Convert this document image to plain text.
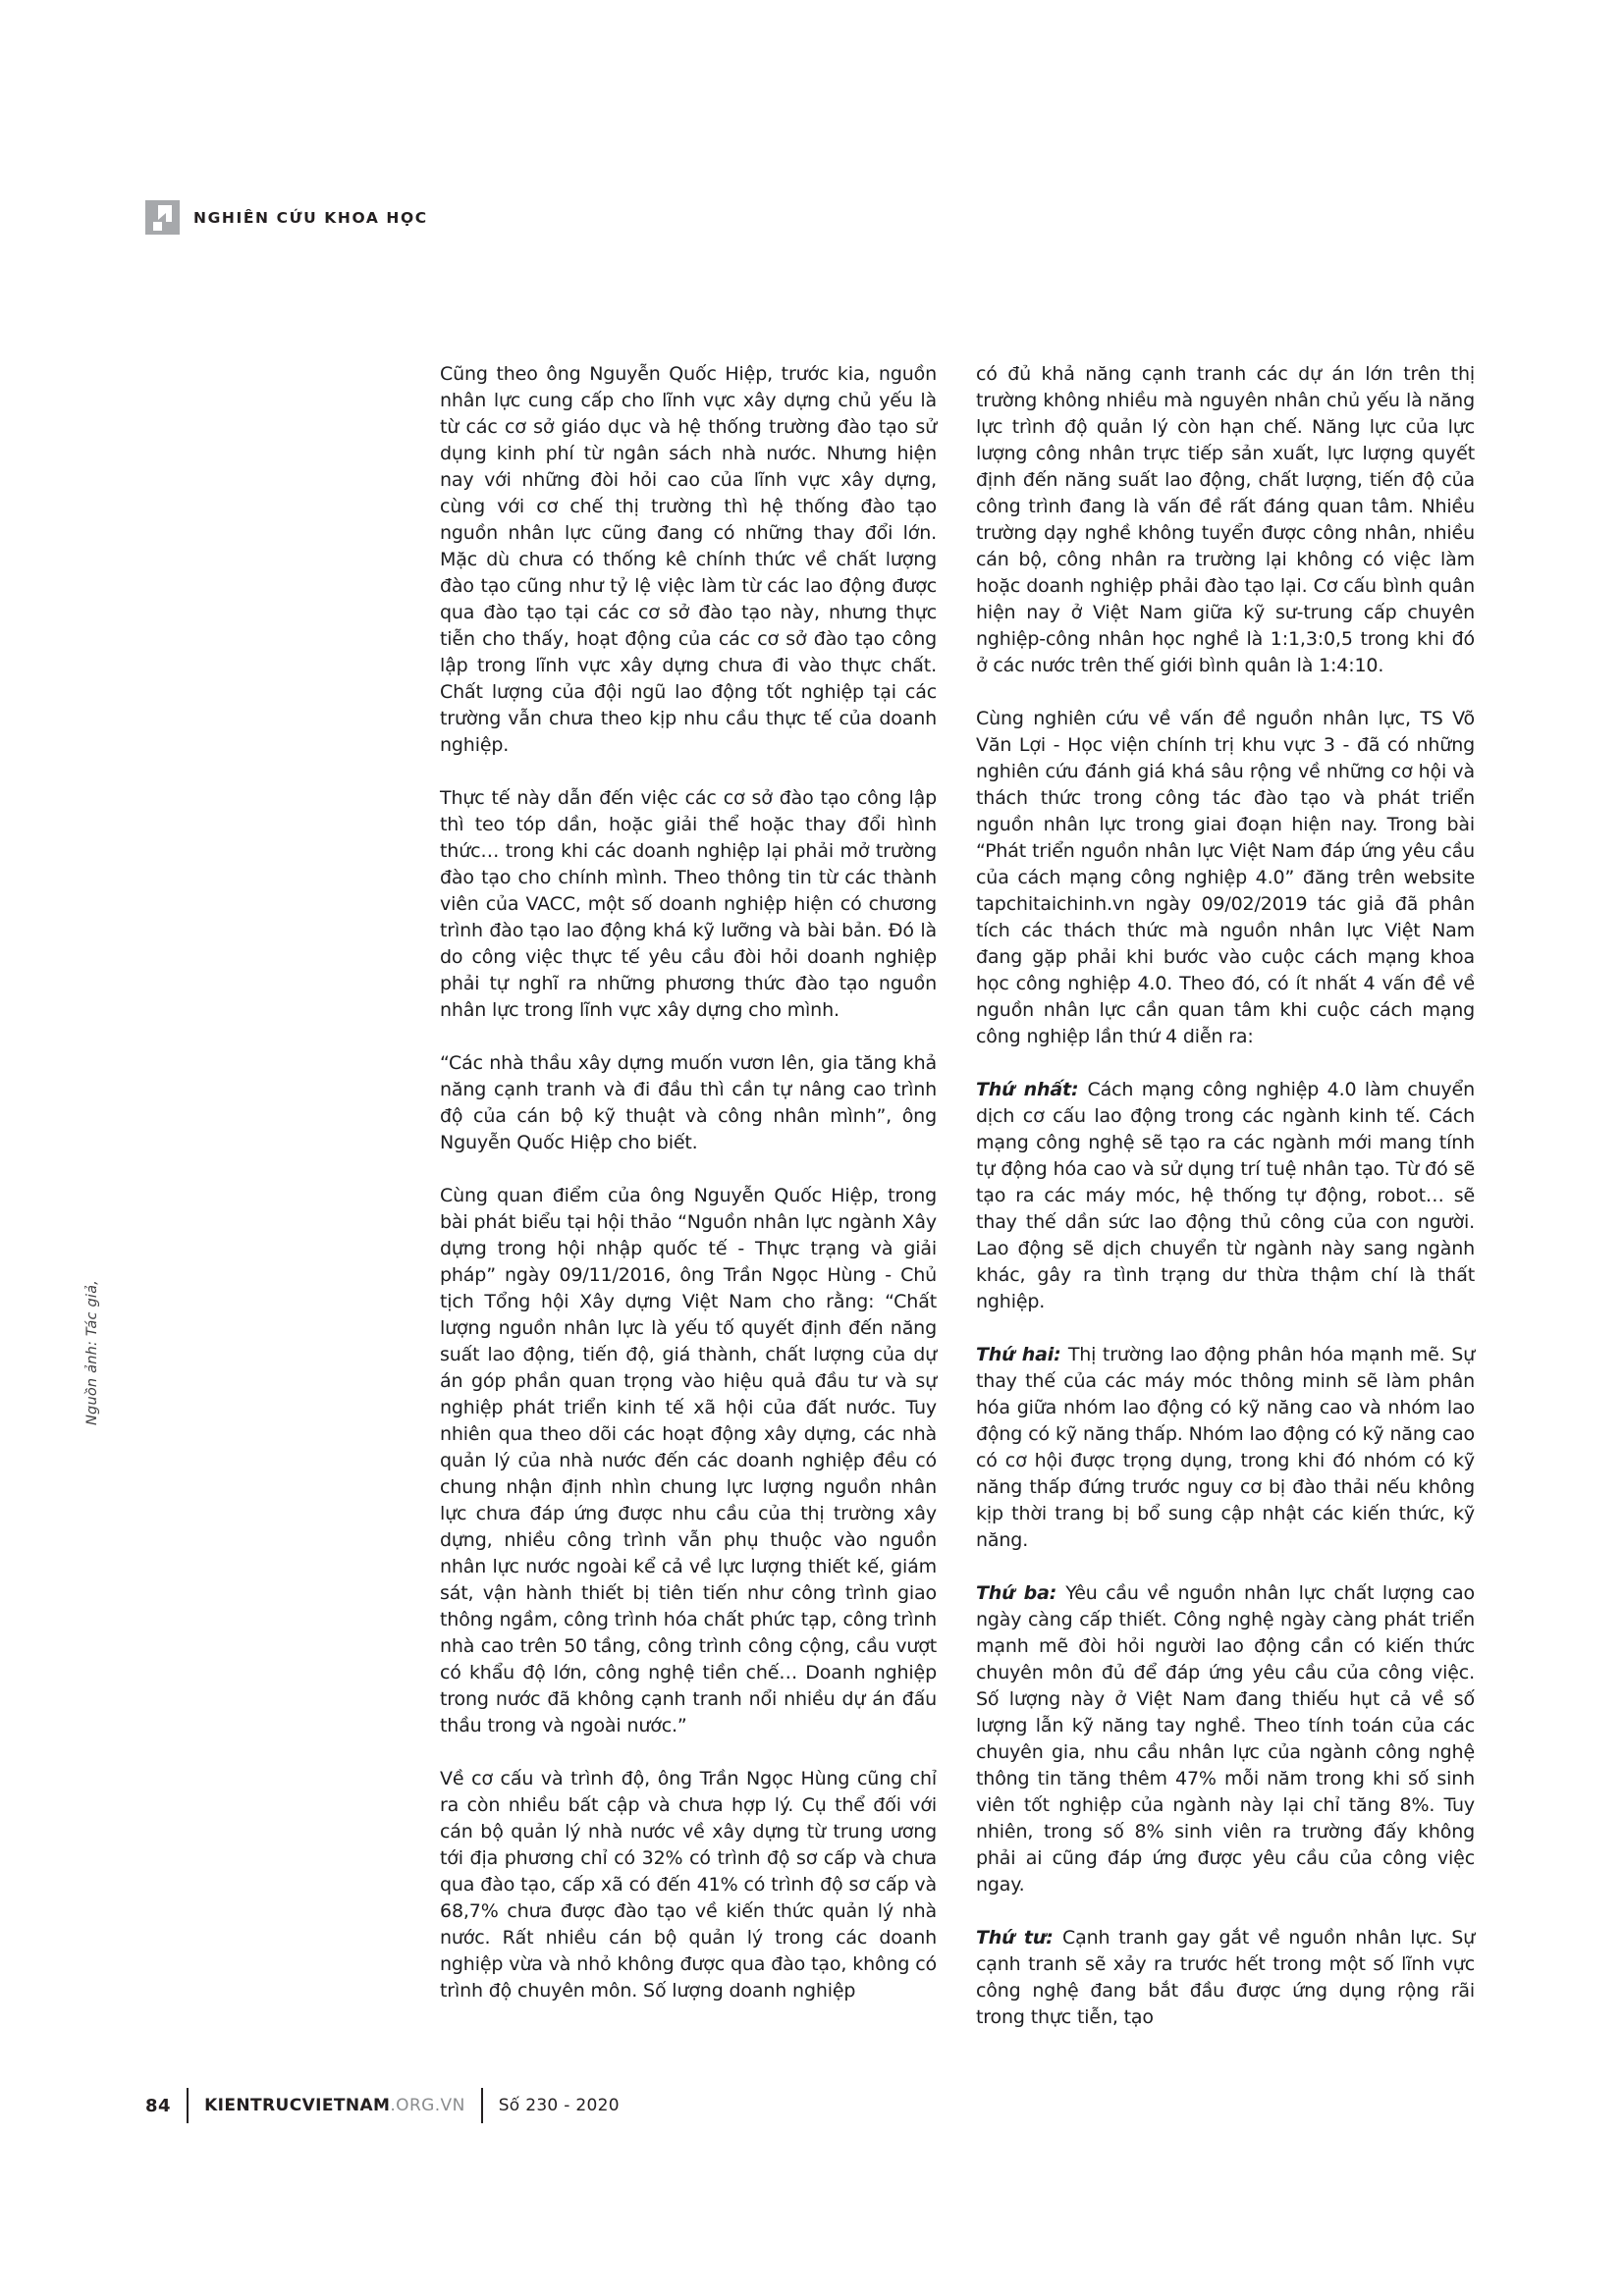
NGHIÊN CỨU KHOA HỌC

Cũng theo ông Nguyễn Quốc Hiệp, trước kia, nguồn nhân lực cung cấp cho lĩnh vực xây dựng chủ yếu là từ các cơ sở giáo dục và hệ thống trường đào tạo sử dụng kinh phí từ ngân sách nhà nước. Nhưng hiện nay với những đòi hỏi cao của lĩnh vực xây dựng, cùng với cơ chế thị trường thì hệ thống đào tạo nguồn nhân lực cũng đang có những thay đổi lớn. Mặc dù chưa có thống kê chính thức về chất lượng đào tạo cũng như tỷ lệ việc làm từ các lao động được qua đào tạo tại các cơ sở đào tạo này, nhưng thực tiễn cho thấy, hoạt động của các cơ sở đào tạo công lập trong lĩnh vực xây dựng chưa đi vào thực chất. Chất lượng của đội ngũ lao động tốt nghiệp tại các trường vẫn chưa theo kịp nhu cầu thực tế của doanh nghiệp.

Thực tế này dẫn đến việc các cơ sở đào tạo công lập thì teo tóp dần, hoặc giải thể hoặc thay đổi hình thức… trong khi các doanh nghiệp lại phải mở trường đào tạo cho chính mình. Theo thông tin từ các thành viên của VACC, một số doanh nghiệp hiện có chương trình đào tạo lao động khá kỹ lưỡng và bài bản. Đó là do công việc thực tế yêu cầu đòi hỏi doanh nghiệp phải tự nghĩ ra những phương thức đào tạo nguồn nhân lực trong lĩnh vực xây dựng cho mình.

“Các nhà thầu xây dựng muốn vươn lên, gia tăng khả năng cạnh tranh và đi đầu thì cần tự nâng cao trình độ của cán bộ kỹ thuật và công nhân mình”, ông Nguyễn Quốc Hiệp cho biết.

Cùng quan điểm của ông Nguyễn Quốc Hiệp, trong bài phát biểu tại hội thảo “Nguồn nhân lực ngành Xây dựng trong hội nhập quốc tế - Thực trạng và giải pháp” ngày 09/11/2016, ông Trần Ngọc Hùng - Chủ tịch Tổng hội Xây dựng Việt Nam cho rằng: “Chất lượng nguồn nhân lực là yếu tố quyết định đến năng suất lao động, tiến độ, giá thành, chất lượng của dự án góp phần quan trọng vào hiệu quả đầu tư và sự nghiệp phát triển kinh tế xã hội của đất nước. Tuy nhiên qua theo dõi các hoạt động xây dựng, các nhà quản lý của nhà nước đến các doanh nghiệp đều có chung nhận định nhìn chung lực lượng nguồn nhân lực chưa đáp ứng được nhu cầu của thị trường xây dựng, nhiều công trình vẫn phụ thuộc vào nguồn nhân lực nước ngoài kể cả về lực lượng thiết kế, giám sát, vận hành thiết bị tiên tiến như công trình giao thông ngầm, công trình hóa chất phức tạp, công trình nhà cao trên 50 tầng, công trình công cộng, cầu vượt có khẩu độ lớn, công nghệ tiền chế… Doanh nghiệp trong nước đã không cạnh tranh nổi nhiều dự án đấu thầu trong và ngoài nước.”

Về cơ cấu và trình độ, ông Trần Ngọc Hùng cũng chỉ ra còn nhiều bất cập và chưa hợp lý. Cụ thể đối với cán bộ quản lý nhà nước về xây dựng từ trung ương tới địa phương chỉ có 32% có trình độ sơ cấp và chưa qua đào tạo, cấp xã có đến 41% có trình độ sơ cấp và 68,7% chưa được đào tạo về kiến thức quản lý nhà nước. Rất nhiều cán bộ quản lý trong các doanh nghiệp vừa và nhỏ không được qua đào tạo, không có trình độ chuyên môn. Số lượng doanh nghiệp

có đủ khả năng cạnh tranh các dự án lớn trên thị trường không nhiều mà nguyên nhân chủ yếu là năng lực trình độ quản lý còn hạn chế. Năng lực của lực lượng công nhân trực tiếp sản xuất, lực lượng quyết định đến năng suất lao động, chất lượng, tiến độ của công trình đang là vấn đề rất đáng quan tâm. Nhiều trường dạy nghề không tuyển được công nhân, nhiều cán bộ, công nhân ra trường lại không có việc làm hoặc doanh nghiệp phải đào tạo lại. Cơ cấu bình quân hiện nay ở Việt Nam giữa kỹ sư-trung cấp chuyên nghiệp-công nhân học nghề là 1:1,3:0,5 trong khi đó ở các nước trên thế giới bình quân là 1:4:10.

Cùng nghiên cứu về vấn đề nguồn nhân lực, TS Võ Văn Lợi - Học viện chính trị khu vực 3 - đã có những nghiên cứu đánh giá khá sâu rộng về những cơ hội và thách thức trong công tác đào tạo và phát triển nguồn nhân lực trong giai đoạn hiện nay. Trong bài “Phát triển nguồn nhân lực Việt Nam đáp ứng yêu cầu của cách mạng công nghiệp 4.0” đăng trên website tapchitaichinh.vn ngày 09/02/2019 tác giả đã phân tích các thách thức mà nguồn nhân lực Việt Nam đang gặp phải khi bước vào cuộc cách mạng khoa học công nghiệp 4.0. Theo đó, có ít nhất 4 vấn đề về nguồn nhân lực cần quan tâm khi cuộc cách mạng công nghiệp lần thứ 4 diễn ra:

Thứ nhất: Cách mạng công nghiệp 4.0 làm chuyển dịch cơ cấu lao động trong các ngành kinh tế. Cách mạng công nghệ sẽ tạo ra các ngành mới mang tính tự động hóa cao và sử dụng trí tuệ nhân tạo. Từ đó sẽ tạo ra các máy móc, hệ thống tự động, robot… sẽ thay thế dần sức lao động thủ công của con người. Lao động sẽ dịch chuyển từ ngành này sang ngành khác, gây ra tình trạng dư thừa thậm chí là thất nghiệp.

Thứ hai: Thị trường lao động phân hóa mạnh mẽ. Sự thay thế của các máy móc thông minh sẽ làm phân hóa giữa nhóm lao động có kỹ năng cao và nhóm lao động có kỹ năng thấp. Nhóm lao động có kỹ năng cao có cơ hội được trọng dụng, trong khi đó nhóm có kỹ năng thấp đứng trước nguy cơ bị đào thải nếu không kịp thời trang bị bổ sung cập nhật các kiến thức, kỹ năng.

Thứ ba: Yêu cầu về nguồn nhân lực chất lượng cao ngày càng cấp thiết. Công nghệ ngày càng phát triển mạnh mẽ đòi hỏi người lao động cần có kiến thức chuyên môn đủ để đáp ứng yêu cầu của công việc. Số lượng này ở Việt Nam đang thiếu hụt cả về số lượng lẫn kỹ năng tay nghề. Theo tính toán của các chuyên gia, nhu cầu nhân lực của ngành công nghệ thông tin tăng thêm 47% mỗi năm trong khi số sinh viên tốt nghiệp của ngành này lại chỉ tăng 8%. Tuy nhiên, trong số 8% sinh viên ra trường đấy không phải ai cũng đáp ứng được yêu cầu của công việc ngay.

Thứ tư: Cạnh tranh gay gắt về nguồn nhân lực. Sự cạnh tranh sẽ xảy ra trước hết trong một số lĩnh vực công nghệ đang bắt đầu được ứng dụng rộng rãi trong thực tiễn, tạo

Nguồn ảnh: Tác giả,
84 KIENTRUCVIETNAM.ORG.VN Số 230 - 2020
